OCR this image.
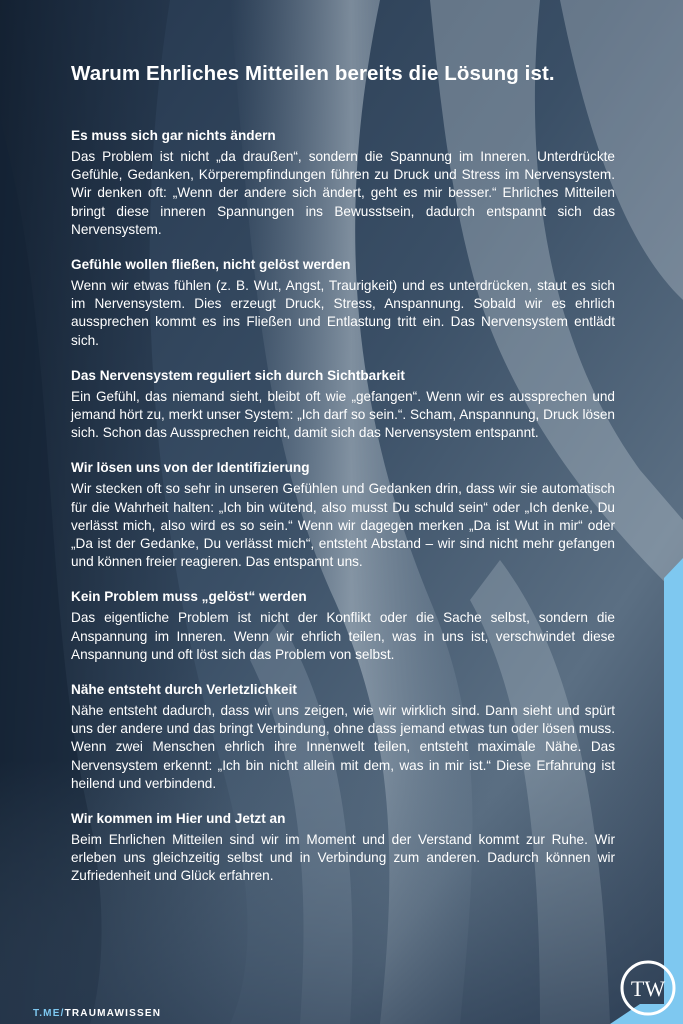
Warum Ehrliches Mitteilen bereits die Lösung ist.
Es muss sich gar nichts ändern

Das Problem ist nicht „da draußen“, sondern die Spannung im Inneren. Unterdrückte Gefühle, Gedanken, Körperempfindungen führen zu Druck und Stress im Nervensystem. Wir denken oft: „Wenn der andere sich ändert, geht es mir besser.“ Ehrliches Mitteilen bringt diese inneren Spannungen ins Bewusstsein, dadurch entspannt sich das Nervensystem.

Gefühle wollen fließen, nicht gelöst werden

Wenn wir etwas fühlen (z. B. Wut, Angst, Traurigkeit) und es unterdrücken, staut es sich im Nervensystem. Dies erzeugt Druck, Stress, Anspannung. Sobald wir es ehrlich aussprechen kommt es ins Fließen und Entlastung tritt ein. Das Nervensystem entlädt sich.

Das Nervensystem reguliert sich durch Sichtbarkeit

Ein Gefühl, das niemand sieht, bleibt oft wie „gefangen“. Wenn wir es aussprechen und jemand hört zu, merkt unser System: „Ich darf so sein.“. Scham, Anspannung, Druck lösen sich. Schon das Aussprechen reicht, damit sich das Nervensystem entspannt.

Wir lösen uns von der Identifizierung

Wir stecken oft so sehr in unseren Gefühlen und Gedanken drin, dass wir sie automatisch für die Wahrheit halten: „Ich bin wütend, also musst Du schuld sein“ oder „Ich denke, Du verlässt mich, also wird es so sein.“ Wenn wir dagegen merken „Da ist Wut in mir“ oder „Da ist der Gedanke, Du verlässt mich“, entsteht Abstand – wir sind nicht mehr gefangen und können freier reagieren. Das entspannt uns.

Kein Problem muss „gelöst“ werden

Das eigentliche Problem ist nicht der Konflikt oder die Sache selbst, sondern die Anspannung im Inneren. Wenn wir ehrlich teilen, was in uns ist, verschwindet diese Anspannung und oft löst sich das Problem von selbst.

Nähe entsteht durch Verletzlichkeit

Nähe entsteht dadurch, dass wir uns zeigen, wie wir wirklich sind. Dann sieht und spürt uns der andere und das bringt Verbindung, ohne dass jemand etwas tun oder lösen muss. Wenn zwei Menschen ehrlich ihre Innenwelt teilen, entsteht maximale Nähe. Das Nervensystem erkennt: „Ich bin nicht allein mit dem, was in mir ist.“ Diese Erfahrung ist heilend und verbindend.

Wir kommen im Hier und Jetzt an

Beim Ehrlichen Mitteilen sind wir im Moment und der Verstand kommt zur Ruhe. Wir erleben uns gleichzeitig selbst und in Verbindung zum anderen. Dadurch können wir Zufriedenheit und Glück erfahren.

T.ME/TRAUMAWISSEN
TW
